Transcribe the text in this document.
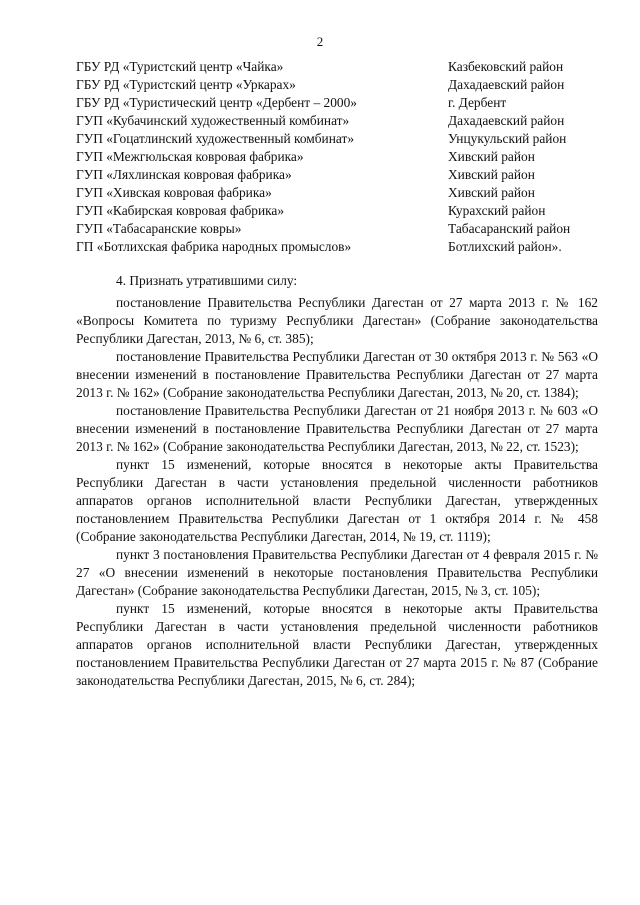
2
ГБУ РД «Туристский центр «Чайка»	Казбековский район
ГБУ РД «Туристский центр «Уркарах»	Дахадаевский район
ГБУ РД «Туристический центр «Дербент – 2000»	г. Дербент
ГУП «Кубачинский художественный комбинат»	Дахадаевский район
ГУП «Гоцатлинский художественный комбинат»	Унцукульский район
ГУП «Межгюльская ковровая фабрика»	Хивский район
ГУП «Ляхлинская ковровая фабрика»	Хивский район
ГУП «Хивская ковровая фабрика»	Хивский район
ГУП «Кабирская ковровая фабрика»	Курахский район
ГУП «Табасаранские ковры»	Табасаранский район
ГП «Ботлихская фабрика народных промыслов»	Ботлихский район».

4. Признать утратившими силу:

постановление Правительства Республики Дагестан от 27 марта 2013 г. № 162 «Вопросы Комитета по туризму Республики Дагестан» (Собрание законодательства Республики Дагестан, 2013, № 6, ст. 385);

постановление Правительства Республики Дагестан от 30 октября 2013 г. № 563 «О внесении изменений в постановление Правительства Республики Дагестан от 27 марта 2013 г. № 162» (Собрание законодательства Республики Дагестан, 2013, № 20, ст. 1384);

постановление Правительства Республики Дагестан от 21 ноября 2013 г. № 603 «О внесении изменений в постановление Правительства Республики Дагестан от 27 марта 2013 г. № 162» (Собрание законодательства Республики Дагестан, 2013, № 22, ст. 1523);

пункт 15 изменений, которые вносятся в некоторые акты Правительства Республики Дагестан в части установления предельной численности работников аппаратов органов исполнительной власти Республики Дагестан, утвержденных постановлением Правительства Республики Дагестан от 1 октября 2014 г. № 458 (Собрание законодательства Республики Дагестан, 2014, № 19, ст. 1119);

пункт 3 постановления Правительства Республики Дагестан от 4 февраля 2015 г. № 27 «О внесении изменений в некоторые постановления Правительства Республики Дагестан» (Собрание законодательства Республики Дагестан, 2015, № 3, ст. 105);

пункт 15 изменений, которые вносятся в некоторые акты Правительства Республики Дагестан в части установления предельной численности работников аппаратов органов исполнительной власти Республики Дагестан, утвержденных постановлением Правительства Республики Дагестан от 27 марта 2015 г. № 87 (Собрание законодательства Республики Дагестан, 2015, № 6, ст. 284);
